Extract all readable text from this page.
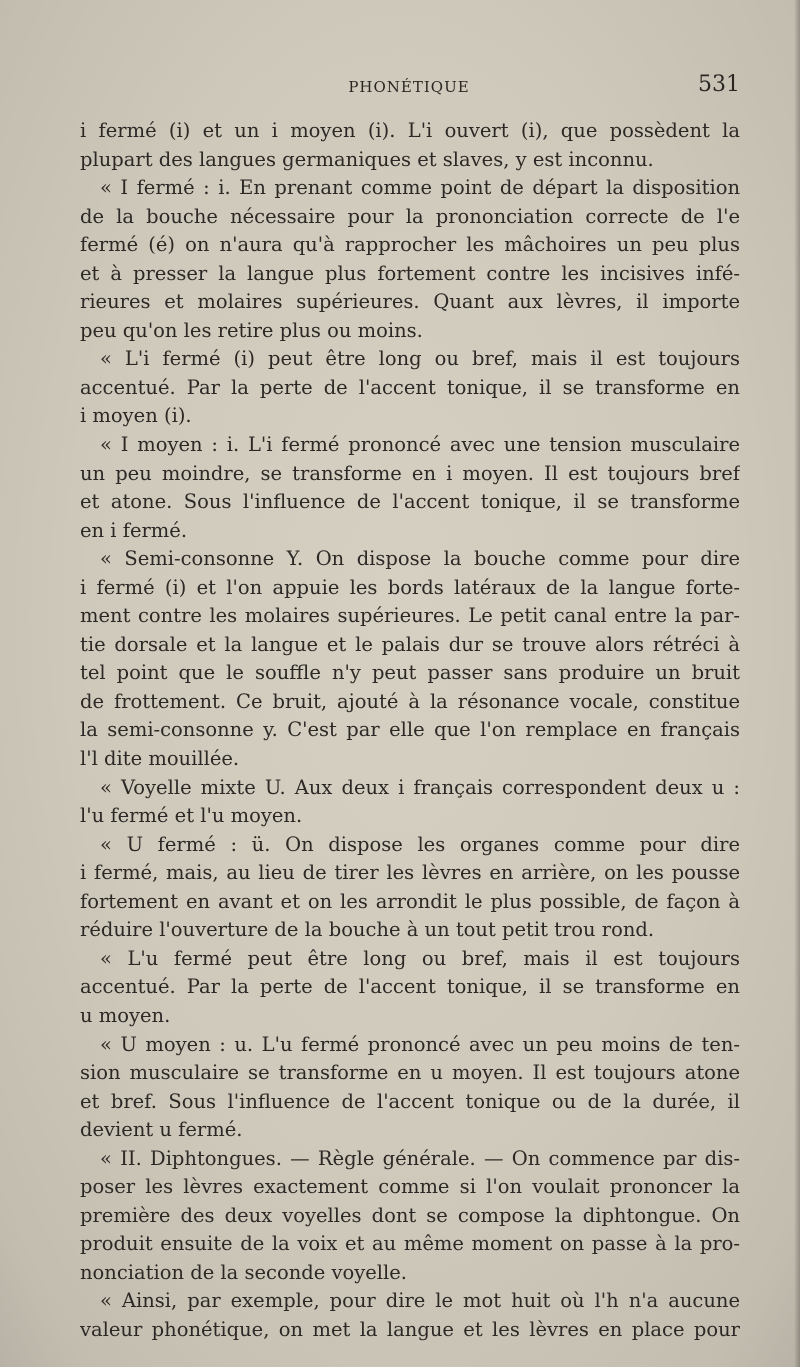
PHONÉTIQUE	531
i fermé (i) et un i moyen (i). L'i ouvert (i), que possèdent la
plupart des langues germaniques et slaves, y est inconnu.
« I fermé : i. En prenant comme point de départ la disposition
de la bouche nécessaire pour la prononciation correcte de l'e
fermé (é) on n'aura qu'à rapprocher les mâchoires un peu plus
et à presser la langue plus fortement contre les incisives infé-
rieures et molaires supérieures. Quant aux lèvres, il importe
peu qu'on les retire plus ou moins.
« L'i fermé (i) peut être long ou bref, mais il est toujours
accentué. Par la perte de l'accent tonique, il se transforme en
i moyen (i).
« I moyen : i. L'i fermé prononcé avec une tension musculaire
un peu moindre, se transforme en i moyen. Il est toujours bref
et atone. Sous l'influence de l'accent tonique, il se transforme
en i fermé.
« Semi-consonne Y. On dispose la bouche comme pour dire
i fermé (i) et l'on appuie les bords latéraux de la langue forte-
ment contre les molaires supérieures. Le petit canal entre la par-
tie dorsale et la langue et le palais dur se trouve alors rétréci à
tel point que le souffle n'y peut passer sans produire un bruit
de frottement. Ce bruit, ajouté à la résonance vocale, constitue
la semi-consonne y. C'est par elle que l'on remplace en français
l'l dite mouillée.
« Voyelle mixte U. Aux deux i français correspondent deux u :
l'u fermé et l'u moyen.
« U fermé : ü. On dispose les organes comme pour dire
i fermé, mais, au lieu de tirer les lèvres en arrière, on les pousse
fortement en avant et on les arrondit le plus possible, de façon à
réduire l'ouverture de la bouche à un tout petit trou rond.
« L'u fermé peut être long ou bref, mais il est toujours
accentué. Par la perte de l'accent tonique, il se transforme en
u moyen.
« U moyen : u. L'u fermé prononcé avec un peu moins de ten-
sion musculaire se transforme en u moyen. Il est toujours atone
et bref. Sous l'influence de l'accent tonique ou de la durée, il
devient u fermé.
« II. Diphtongues. — Règle générale. — On commence par dis-
poser les lèvres exactement comme si l'on voulait prononcer la
première des deux voyelles dont se compose la diphtongue. On
produit ensuite de la voix et au même moment on passe à la pro-
nonciation de la seconde voyelle.
« Ainsi, par exemple, pour dire le mot huit où l'h n'a aucune
valeur phonétique, on met la langue et les lèvres en place pour
